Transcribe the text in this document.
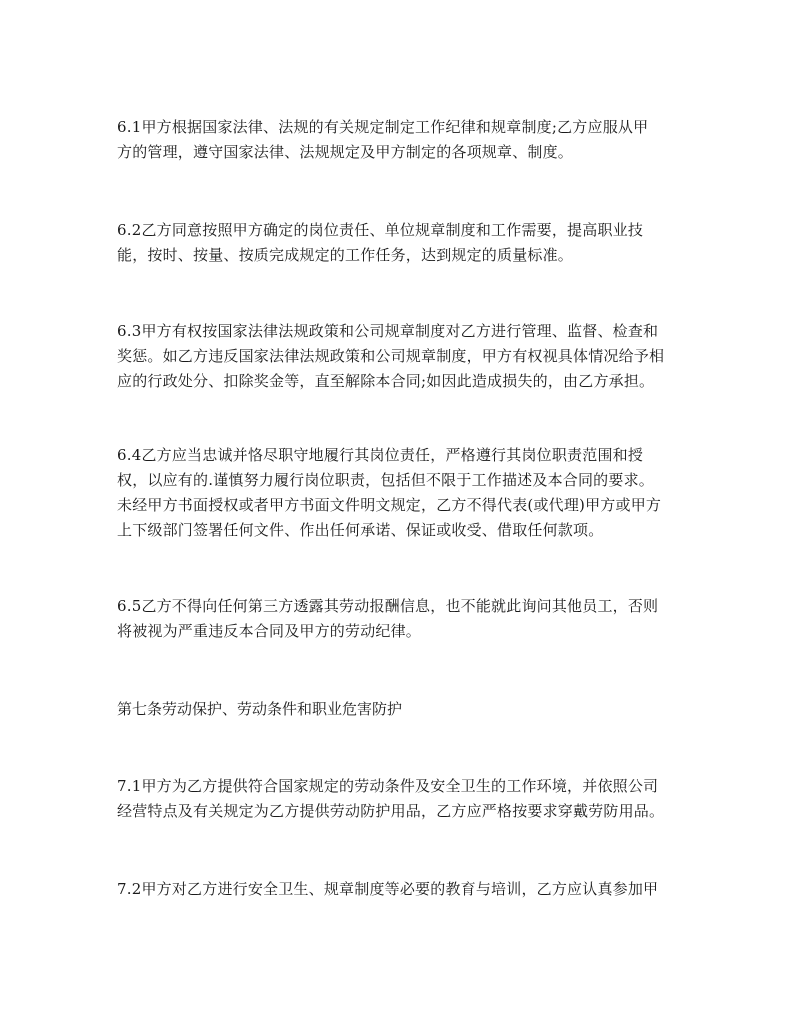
6.1甲方根据国家法律、法规的有关规定制定工作纪律和规章制度;乙方应服从甲
方的管理，遵守国家法律、法规规定及甲方制定的各项规章、制度。
6.2乙方同意按照甲方确定的岗位责任、单位规章制度和工作需要，提高职业技
能，按时、按量、按质完成规定的工作任务，达到规定的质量标准。
6.3甲方有权按国家法律法规政策和公司规章制度对乙方进行管理、监督、检查和
奖惩。如乙方违反国家法律法规政策和公司规章制度，甲方有权视具体情况给予相
应的行政处分、扣除奖金等，直至解除本合同;如因此造成损失的，由乙方承担。
6.4乙方应当忠诚并恪尽职守地履行其岗位责任，严格遵行其岗位职责范围和授
权，以应有的.谨慎努力履行岗位职责，包括但不限于工作描述及本合同的要求。
未经甲方书面授权或者甲方书面文件明文规定，乙方不得代表(或代理)甲方或甲方
上下级部门签署任何文件、作出任何承诺、保证或收受、借取任何款项。
6.5乙方不得向任何第三方透露其劳动报酬信息，也不能就此询问其他员工，否则
将被视为严重违反本合同及甲方的劳动纪律。
第七条劳动保护、劳动条件和职业危害防护
7.1甲方为乙方提供符合国家规定的劳动条件及安全卫生的工作环境，并依照公司
经营特点及有关规定为乙方提供劳动防护用品，乙方应严格按要求穿戴劳防用品。
7.2甲方对乙方进行安全卫生、规章制度等必要的教育与培训，乙方应认真参加甲
